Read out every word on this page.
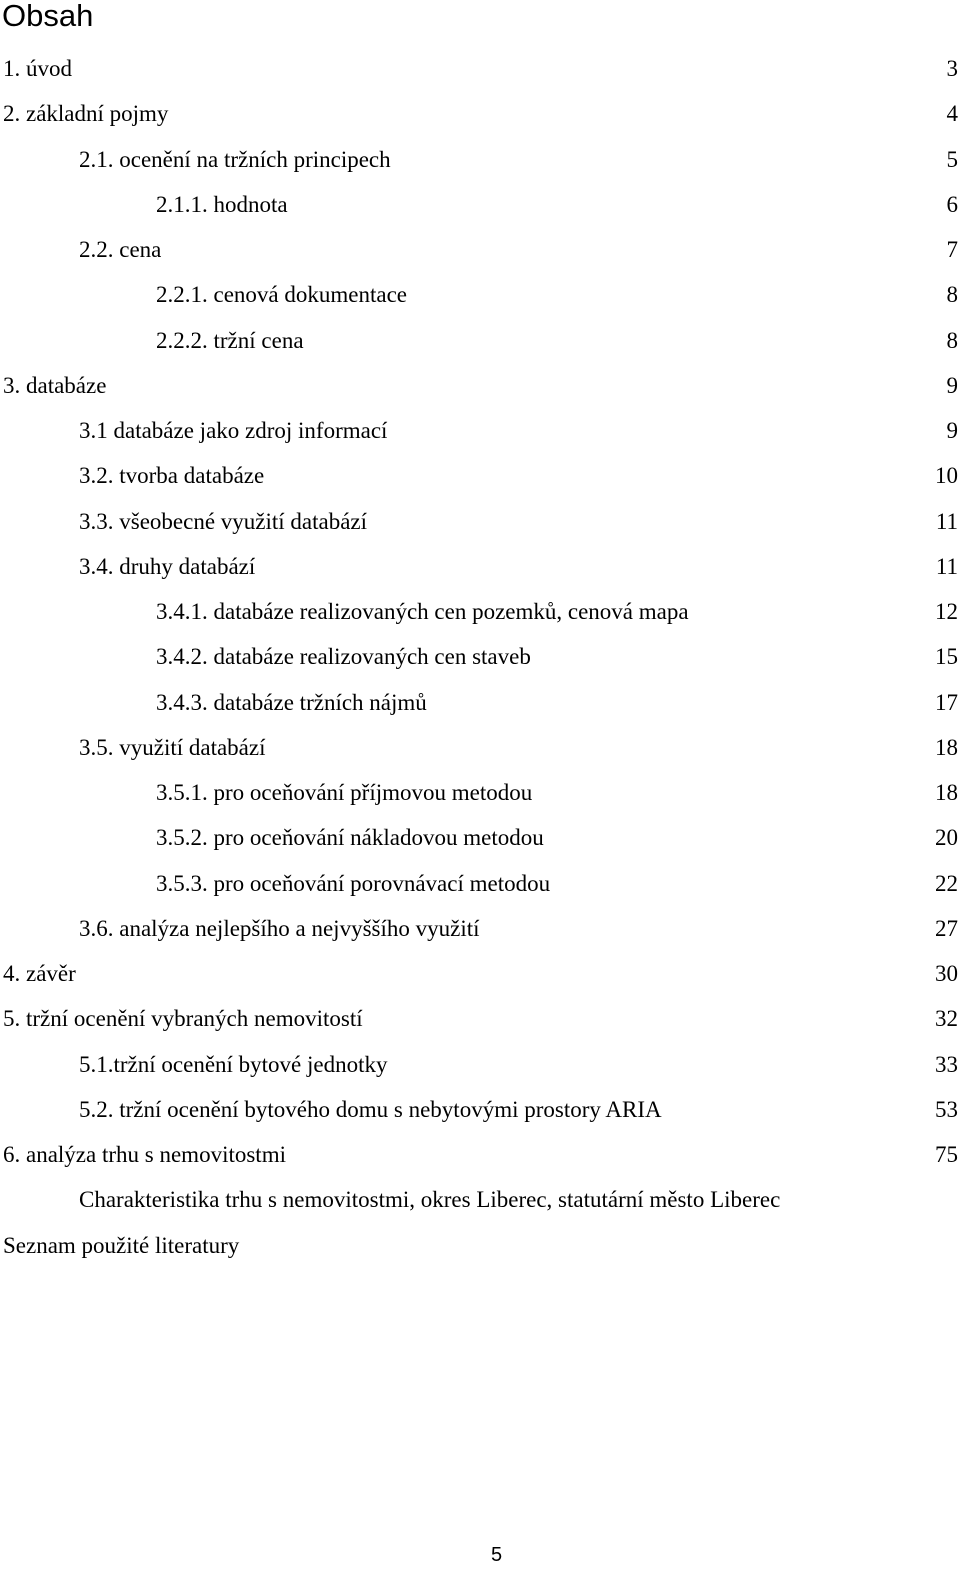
Obsah
1. úvod	3
2. základní pojmy	4
2.1. ocenění na tržních principech	5
2.1.1. hodnota	6
2.2. cena	7
2.2.1. cenová dokumentace	8
2.2.2. tržní cena	8
3. databáze	9
3.1 databáze jako zdroj informací	9
3.2. tvorba databáze	10
3.3. všeobecné využití databází	11
3.4. druhy databází	11
3.4.1. databáze realizovaných cen pozemků, cenová mapa	12
3.4.2. databáze realizovaných cen staveb	15
3.4.3. databáze tržních nájmů	17
3.5. využití databází	18
3.5.1. pro oceňování příjmovou metodou	18
3.5.2. pro oceňování nákladovou metodou	20
3.5.3. pro oceňování porovnávací metodou	22
3.6. analýza nejlepšího a nejvyššího využití	27
4. závěr	30
5. tržní ocenění vybraných nemovitostí	32
5.1.tržní ocenění bytové jednotky	33
5.2. tržní ocenění bytového domu s nebytovými prostory ARIA	53
6. analýza trhu s nemovitostmi	75
Charakteristika trhu s nemovitostmi, okres Liberec, statutární město Liberec
Seznam použité literatury
5
